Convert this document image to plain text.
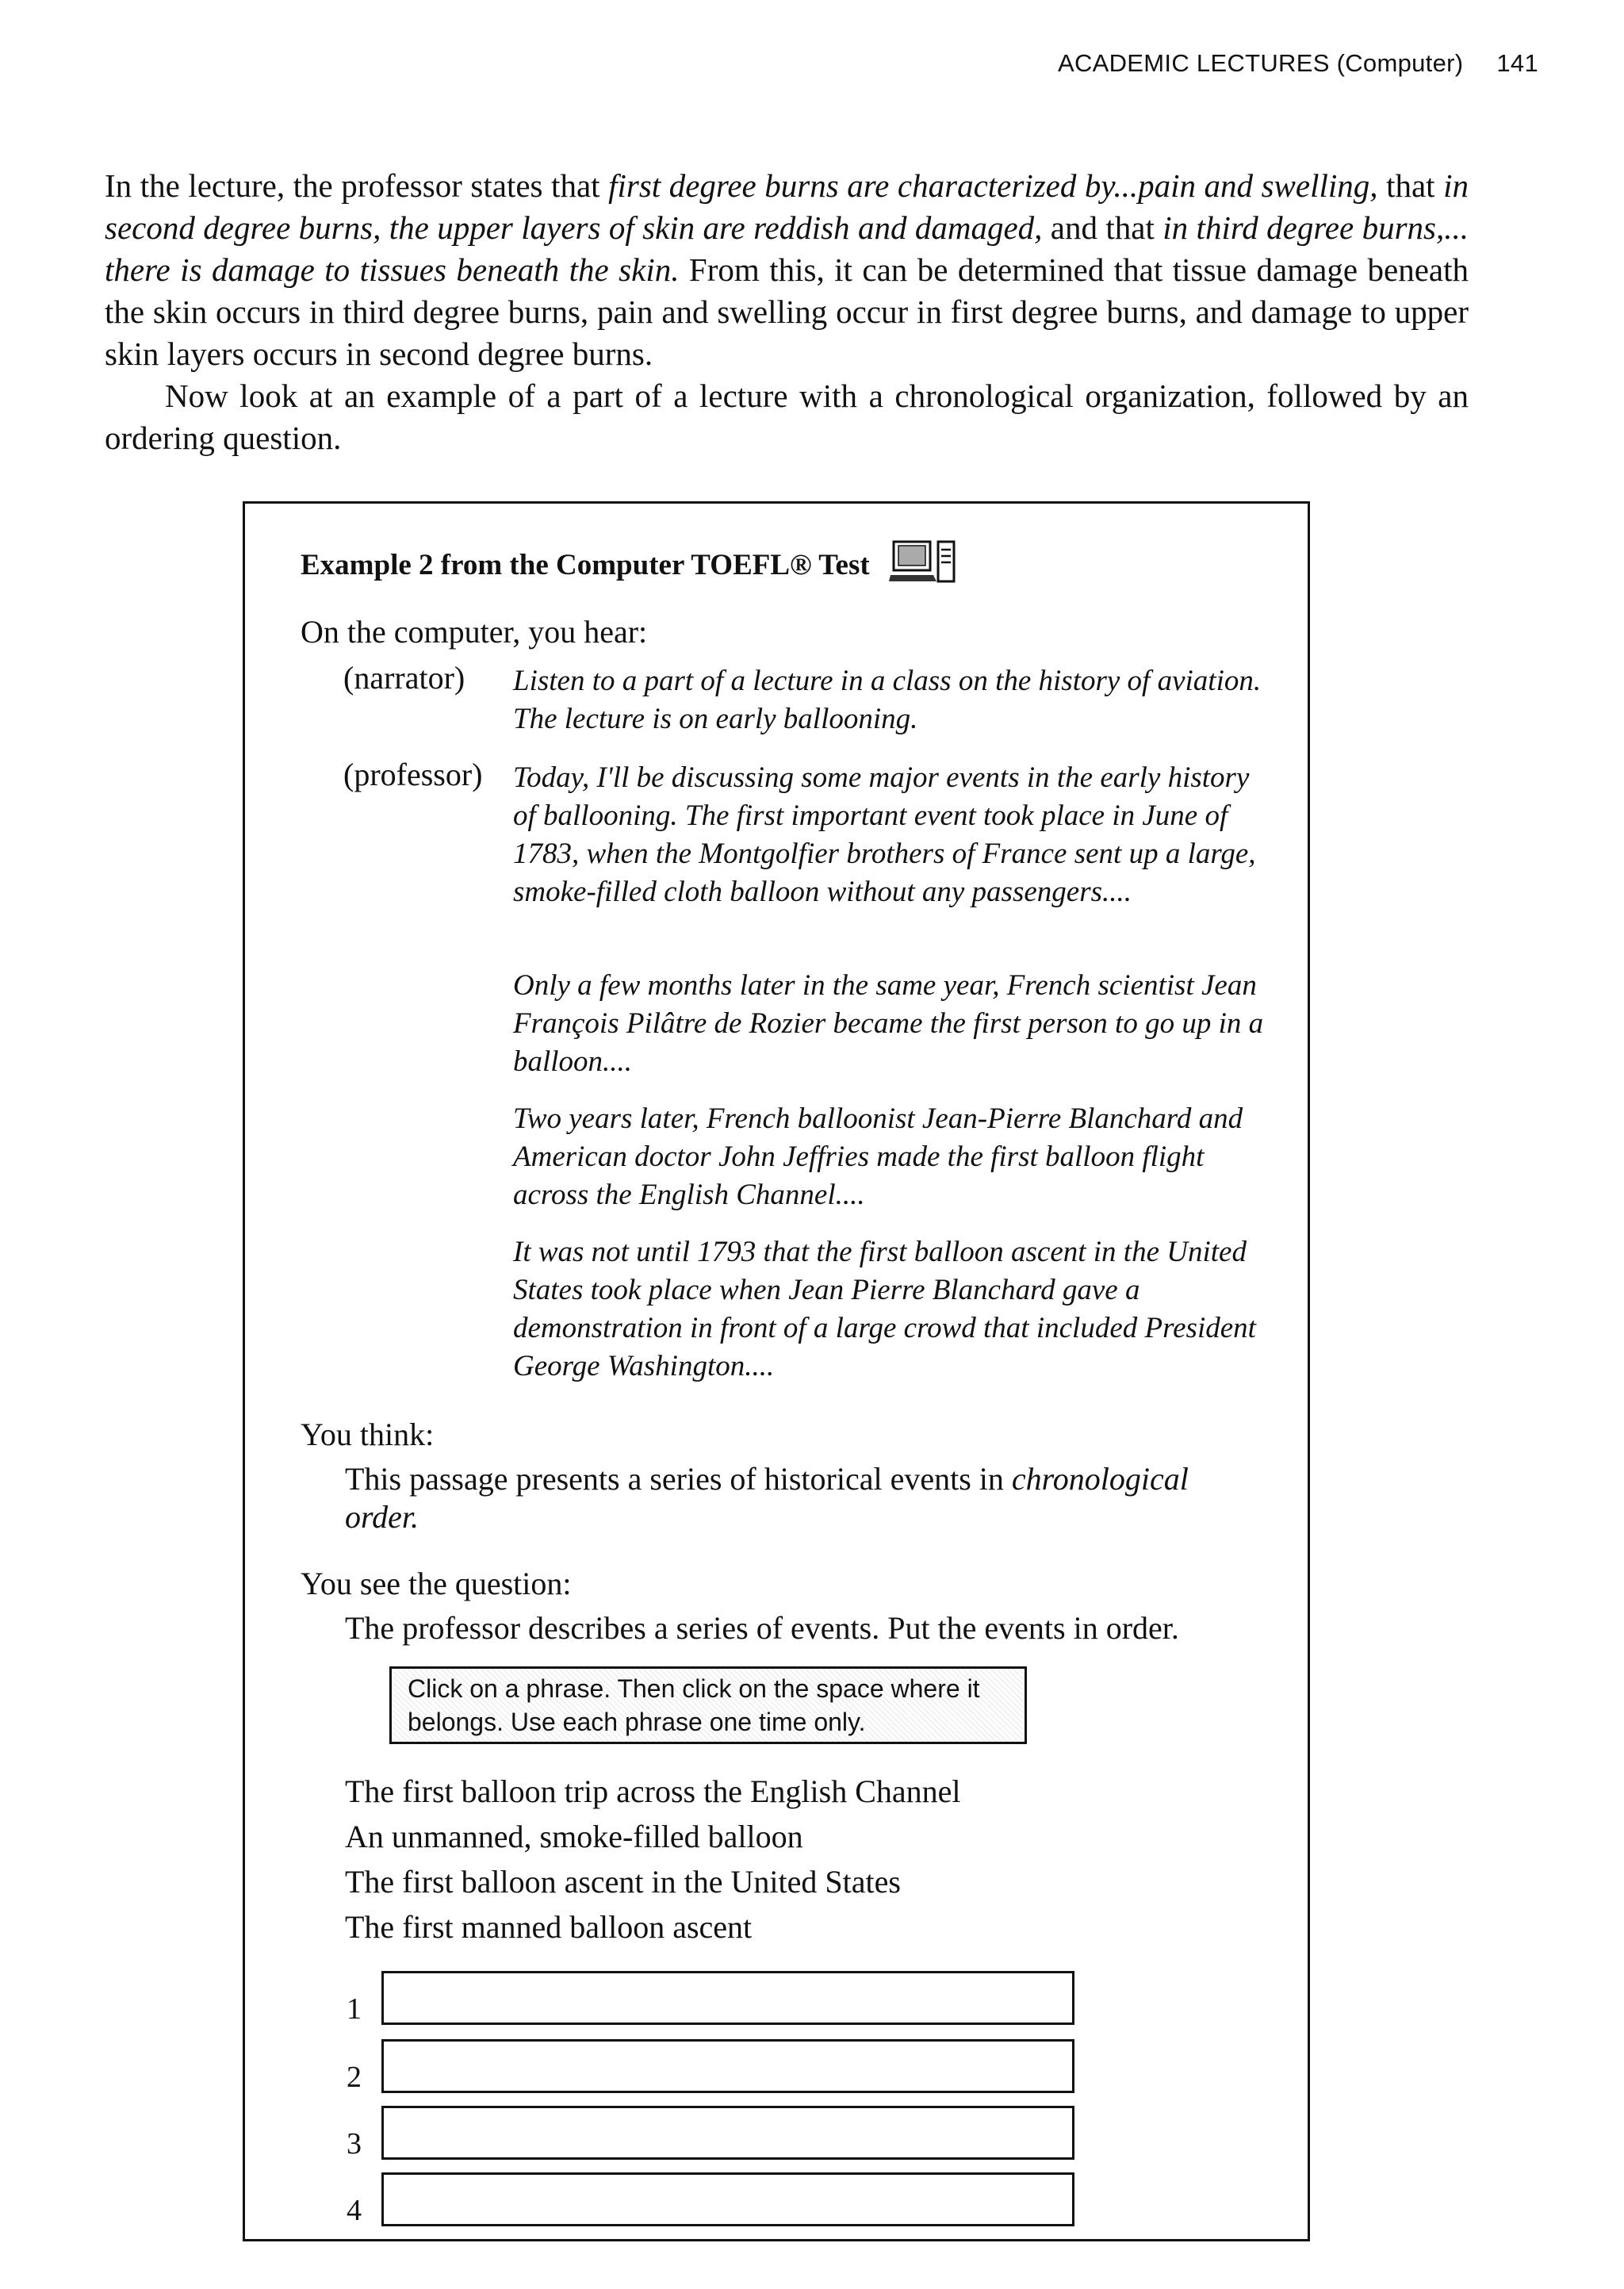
ACADEMIC LECTURES (Computer) 141

In the lecture, the professor states that first degree burns are characterized by...pain and swelling, that in second degree burns, the upper layers of skin are reddish and damaged, and that in third degree burns,... there is damage to tissues beneath the skin. From this, it can be determined that tissue damage beneath the skin occurs in third degree burns, pain and swelling occur in first degree burns, and damage to upper skin layers occurs in second degree burns.

Now look at an example of a part of a lecture with a chronological organization, followed by an ordering question.

Example 2 from the Computer TOEFL® Test
On the computer, you hear:
(narrator) Listen to a part of a lecture in a class on the history of aviation. The lecture is on early ballooning.
(professor) Today, I'll be discussing some major events in the early history of ballooning. The first important event took place in June of 1783, when the Montgolfier brothers of France sent up a large, smoke-filled cloth balloon without any passengers....
Only a few months later in the same year, French scientist Jean François Pilâtre de Rozier became the first person to go up in a balloon....
Two years later, French balloonist Jean-Pierre Blanchard and American doctor John Jeffries made the first balloon flight across the English Channel....
It was not until 1793 that the first balloon ascent in the United States took place when Jean Pierre Blanchard gave a demonstration in front of a large crowd that included President George Washington....
You think:
This passage presents a series of historical events in chronological order.
You see the question:
The professor describes a series of events. Put the events in order.
Click on a phrase. Then click on the space where it belongs. Use each phrase one time only.
The first balloon trip across the English Channel
An unmanned, smoke-filled balloon
The first balloon ascent in the United States
The first manned balloon ascent
1
2
3
4
